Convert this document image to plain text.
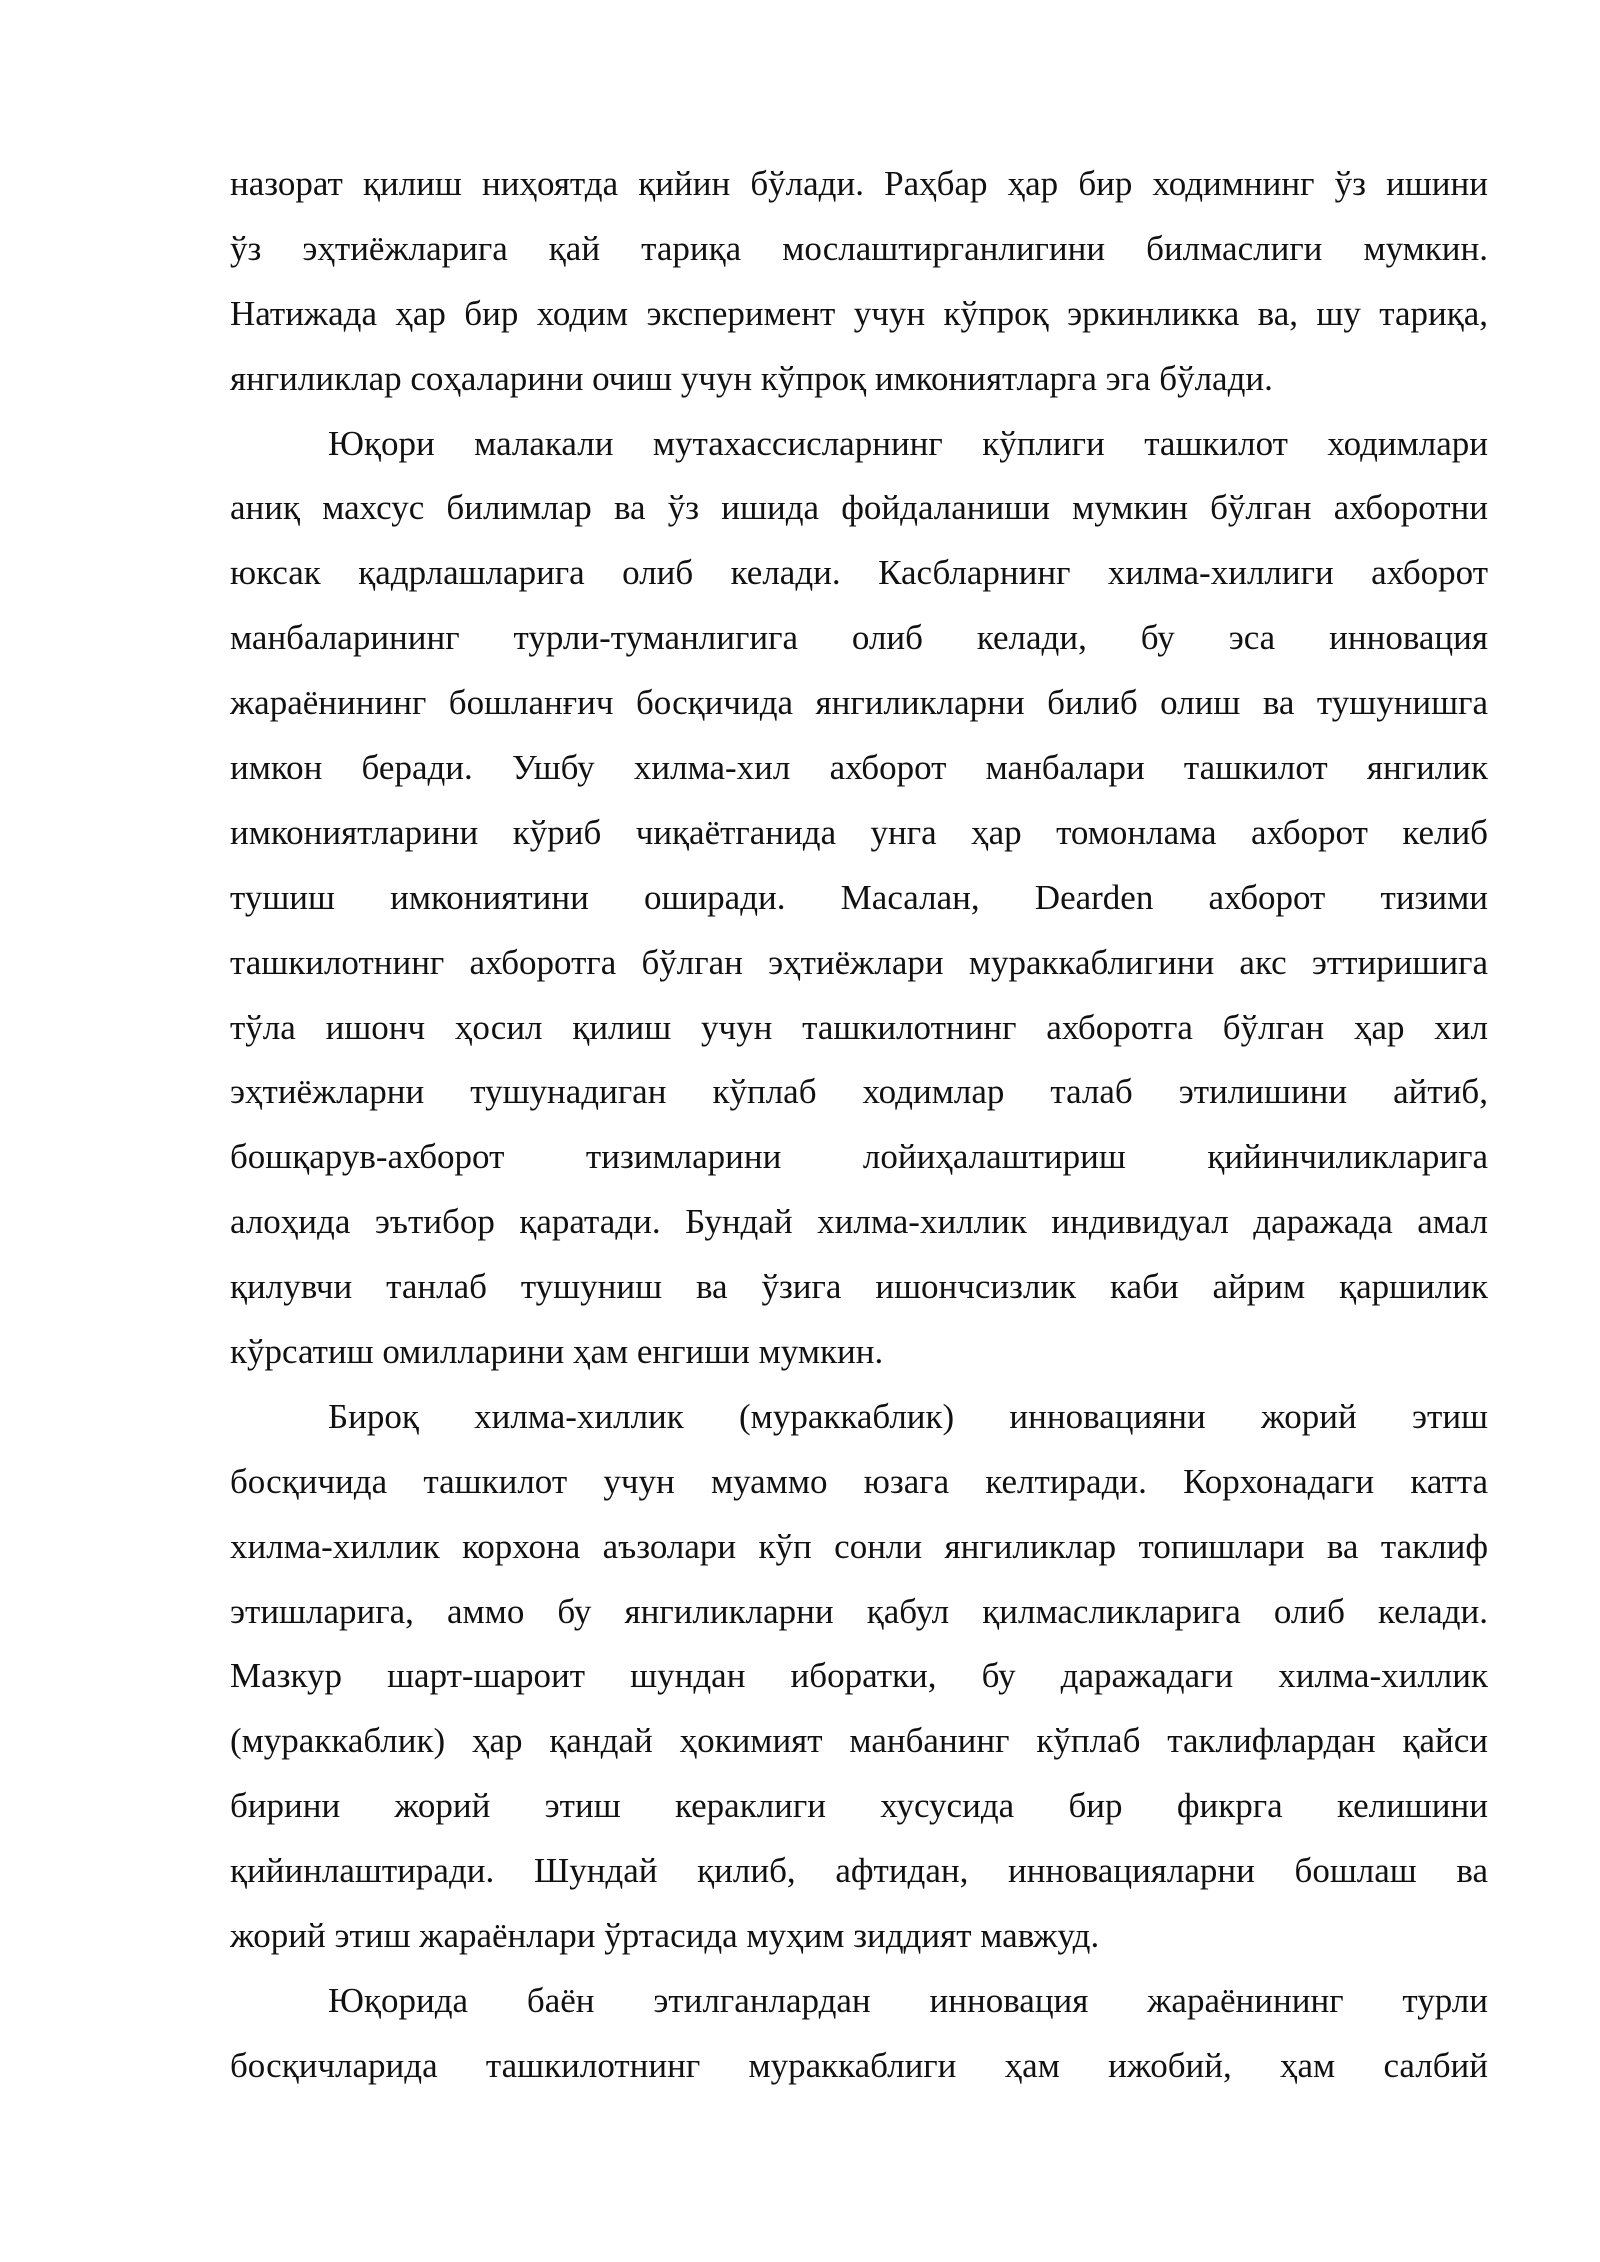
назорат қилиш ниҳоятда қийин бўлади. Раҳбар ҳар бир ходимнинг ўз ишини
ўз эҳтиёжларига қай тариқа мослаштирганлигини билмаслиги мумкин.
Натижада ҳар бир ходим эксперимент учун кўпроқ эркинликка ва, шу тариқа,
янгиликлар соҳаларини очиш учун кўпроқ имкониятларга эга бўлади.
Юқори малакали мутахассисларнинг кўплиги ташкилот ходимлари
аниқ махсус билимлар ва ўз ишида фойдаланиши мумкин бўлган ахборотни
юксак қадрлашларига олиб келади. Касбларнинг хилма-хиллиги ахборот
манбаларининг турли-туманлигига олиб келади, бу эса инновация
жараёнининг бошланғич босқичида янгиликларни билиб олиш ва тушунишга
имкон беради. Ушбу хилма-хил ахборот манбалари ташкилот янгилик
имкониятларини кўриб чиқаётганида унга ҳар томонлама ахборот келиб
тушиш имкониятини оширади. Масалан, Dearden ахборот тизими
ташкилотнинг ахборотга бўлган эҳтиёжлари мураккаблигини акс эттиришига
тўла ишонч ҳосил қилиш учун ташкилотнинг ахборотга бўлган ҳар хил
эҳтиёжларни тушунадиган кўплаб ходимлар талаб этилишини айтиб,
бошқарув-ахборот тизимларини лойиҳалаштириш қийинчиликларига
алоҳида эътибор қаратади. Бундай хилма-хиллик индивидуал даражада амал
қилувчи танлаб тушуниш ва ўзига ишончсизлик каби айрим қаршилик
кўрсатиш омилларини ҳам енгиши мумкин.
Бироқ хилма-хиллик (мураккаблик) инновацияни жорий этиш
босқичида ташкилот учун муаммо юзага келтиради. Корхонадаги катта
хилма-хиллик корхона аъзолари кўп сонли янгиликлар топишлари ва таклиф
этишларига, аммо бу янгиликларни қабул қилмасликларига олиб келади.
Мазкур шарт-шароит шундан иборатки, бу даражадаги хилма-хиллик
(мураккаблик) ҳар қандай ҳокимият манбанинг кўплаб таклифлардан қайси
бирини жорий этиш кераклиги хусусида бир фикрга келишини
қийинлаштиради. Шундай қилиб, афтидан, инновацияларни бошлаш ва
жорий этиш жараёнлари ўртасида муҳим зиддият мавжуд.
Юқорида баён этилганлардан инновация жараёнининг турли
босқичларида ташкилотнинг мураккаблиги ҳам ижобий, ҳам салбий
